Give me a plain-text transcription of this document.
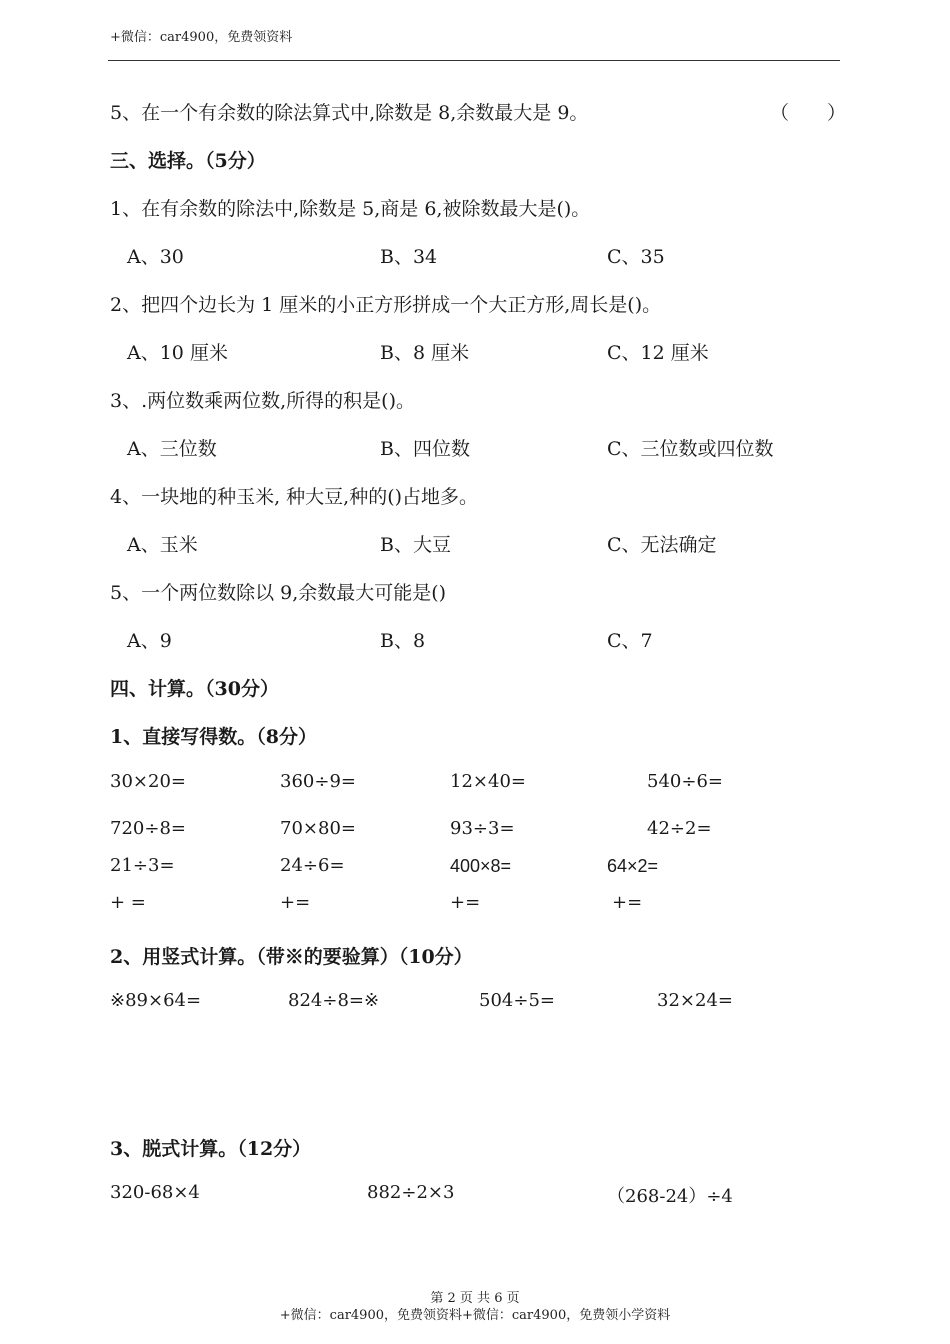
+微信：car4900，免费领资料
5、在一个有余数的除法算式中,除数是 8,余数最大是 9。	（　　）
三、选择。（5分）
1、在有余数的除法中,除数是 5,商是 6,被除数最大是()。
A、30	B、34	C、35
2、把四个边长为 1 厘米的小正方形拼成一个大正方形,周长是()。
A、10 厘米	B、8 厘米	C、12 厘米
3、.两位数乘两位数,所得的积是()。
A、三位数	B、四位数	C、三位数或四位数
4、一块地的种玉米, 种大豆,种的()占地多。
A、玉米	B、大豆	C、无法确定
5、一个两位数除以 9,余数最大可能是()
A、9	B、8	C、7
四、计算。（30分）
1、直接写得数。（8分）
30×20=	360÷9=	12×40=	540÷6=
720÷8=	70×80=	93÷3=	42÷2=
21÷3=	24÷6=	400×8=	64×2=
+ =	+=	+=	+=
2、用竖式计算。（带※的要验算）（10分）
※89×64=	824÷8=※	504÷5=	32×24=
3、脱式计算。（12分）
320-68×4	882÷2×3	（268-24）÷4
第 2 页 共 6 页
+微信：car4900，免费领资料+微信：car4900，免费领小学资料
